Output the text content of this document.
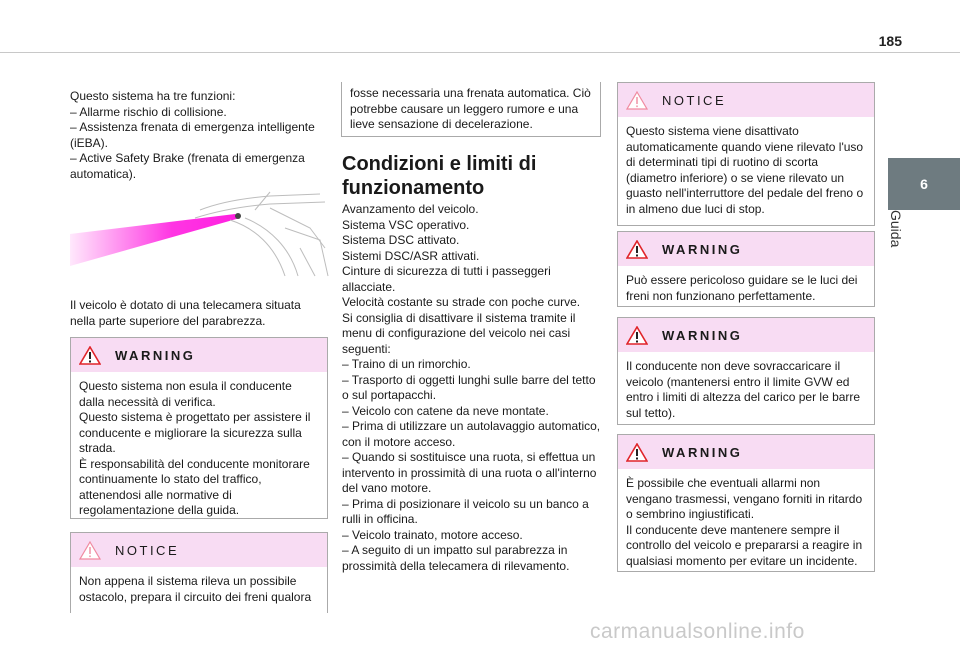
185
6
Guida

Questo sistema ha tre funzioni:

– Allarme rischio di collisione.

– Assistenza frenata di emergenza intelligente (iEBA).

– Active Safety Brake (frenata di emergenza automatica).

Il veicolo è dotato di una telecamera situata nella parte superiore del parabrezza.

WARNING

Questo sistema non esula il conducente dalla necessità di verifica.

Questo sistema è progettato per assistere il conducente e migliorare la sicurezza sulla strada.

È responsabilità del conducente monitorare continuamente lo stato del traffico, attenendosi alle normative di regolamentazione della guida.

NOTICE

Non appena il sistema rileva un possibile ostacolo, prepara il circuito dei freni qualora

fosse necessaria una frenata automatica. Ciò potrebbe causare un leggero rumore e una lieve sensazione di decelerazione.

Condizioni e limiti di funzionamento

Avanzamento del veicolo.

Sistema VSC operativo.

Sistema DSC attivato.

Sistemi DSC/ASR attivati.

Cinture di sicurezza di tutti i passeggeri allacciate.

Velocità costante su strade con poche curve.

Si consiglia di disattivare il sistema tramite il menu di configurazione del veicolo nei casi seguenti:

– Traino di un rimorchio.

– Trasporto di oggetti lunghi sulle barre del tetto o sul portapacchi.

– Veicolo con catene da neve montate.

– Prima di utilizzare un autolavaggio automatico, con il motore acceso.

– Quando si sostituisce una ruota, si effettua un intervento in prossimità di una ruota o all'interno del vano motore.

– Prima di posizionare il veicolo su un banco a rulli in officina.

– Veicolo trainato, motore acceso.

– A seguito di un impatto sul parabrezza in prossimità della telecamera di rilevamento.

NOTICE

Questo sistema viene disattivato automaticamente quando viene rilevato l'uso di determinati tipi di ruotino di scorta (diametro inferiore) o se viene rilevato un guasto nell'interruttore del pedale del freno o in almeno due luci di stop.

WARNING

Può essere pericoloso guidare se le luci dei freni non funzionano perfettamente.

WARNING

Il conducente non deve sovraccaricare il veicolo (mantenersi entro il limite GVW ed entro i limiti di altezza del carico per le barre sul tetto).

WARNING

È possibile che eventuali allarmi non vengano trasmessi, vengano forniti in ritardo o sembrino ingiustificati.

Il conducente deve mantenere sempre il controllo del veicolo e prepararsi a reagire in qualsiasi momento per evitare un incidente.

carmanualsonline.info
